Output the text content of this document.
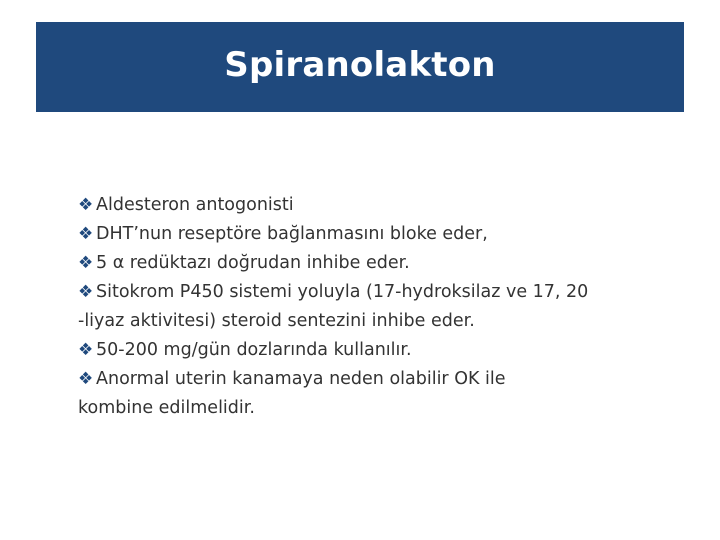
Spiranolakton
❖ Aldesteron antogonisti
❖ DHT’nun reseptöre bağlanmasını bloke eder,
❖ 5 α redüktazı doğrudan inhibe eder.
❖ Sitokrom P450 sistemi yoluyla (17-hydroksilaz ve 17, 20
-liyaz aktivitesi) steroid sentezini inhibe eder.
❖ 50-200 mg/gün dozlarında kullanılır.
❖ Anormal uterin kanamaya neden olabilir OK ile
kombine edilmelidir.
